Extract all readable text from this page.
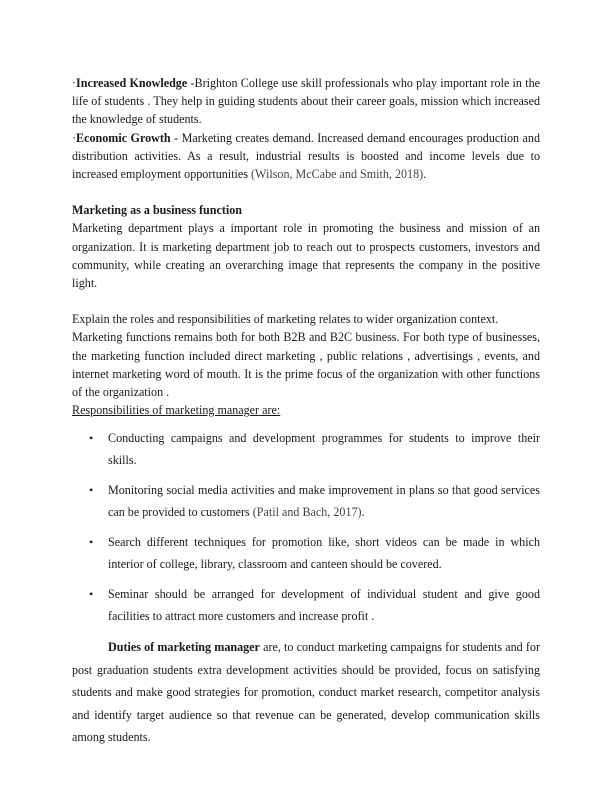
·Increased Knowledge -Brighton College use skill professionals who play important role in the life of students . They help in guiding students about their career goals, mission which increased the knowledge of students.

·Economic Growth - Marketing creates demand. Increased demand encourages production and distribution activities. As a result, industrial results is boosted and income levels due to increased employment opportunities (Wilson, McCabe and Smith, 2018).

Marketing as a business function

Marketing department plays a important role in promoting the business and mission of an organization. It is marketing department job to reach out to prospects customers, investors and community, while creating an overarching image that represents the company in the positive light.

Explain the roles and responsibilities of marketing relates to wider organization context.

Marketing functions remains both for both B2B and B2C business. For both type of businesses, the marketing function included direct marketing , public relations , advertisings , events, and internet marketing word of mouth. It is the prime focus of the organization with other functions of the organization .

Responsibilities of marketing manager are:

• Conducting campaigns and development programmes for students to improve their skills.
• Monitoring social media activities and make improvement in plans so that good services can be provided to customers (Patil and Bach, 2017).
• Search different techniques for promotion like, short videos can be made in which interior of college, library, classroom and canteen should be covered.
• Seminar should be arranged for development of individual student and give good facilities to attract more customers and increase profit .

Duties of marketing manager are, to conduct marketing campaigns for students and for post graduation students extra development activities should be provided, focus on satisfying students and make good strategies for promotion, conduct market research, competitor analysis and identify target audience so that revenue can be generated, develop communication skills among students.
